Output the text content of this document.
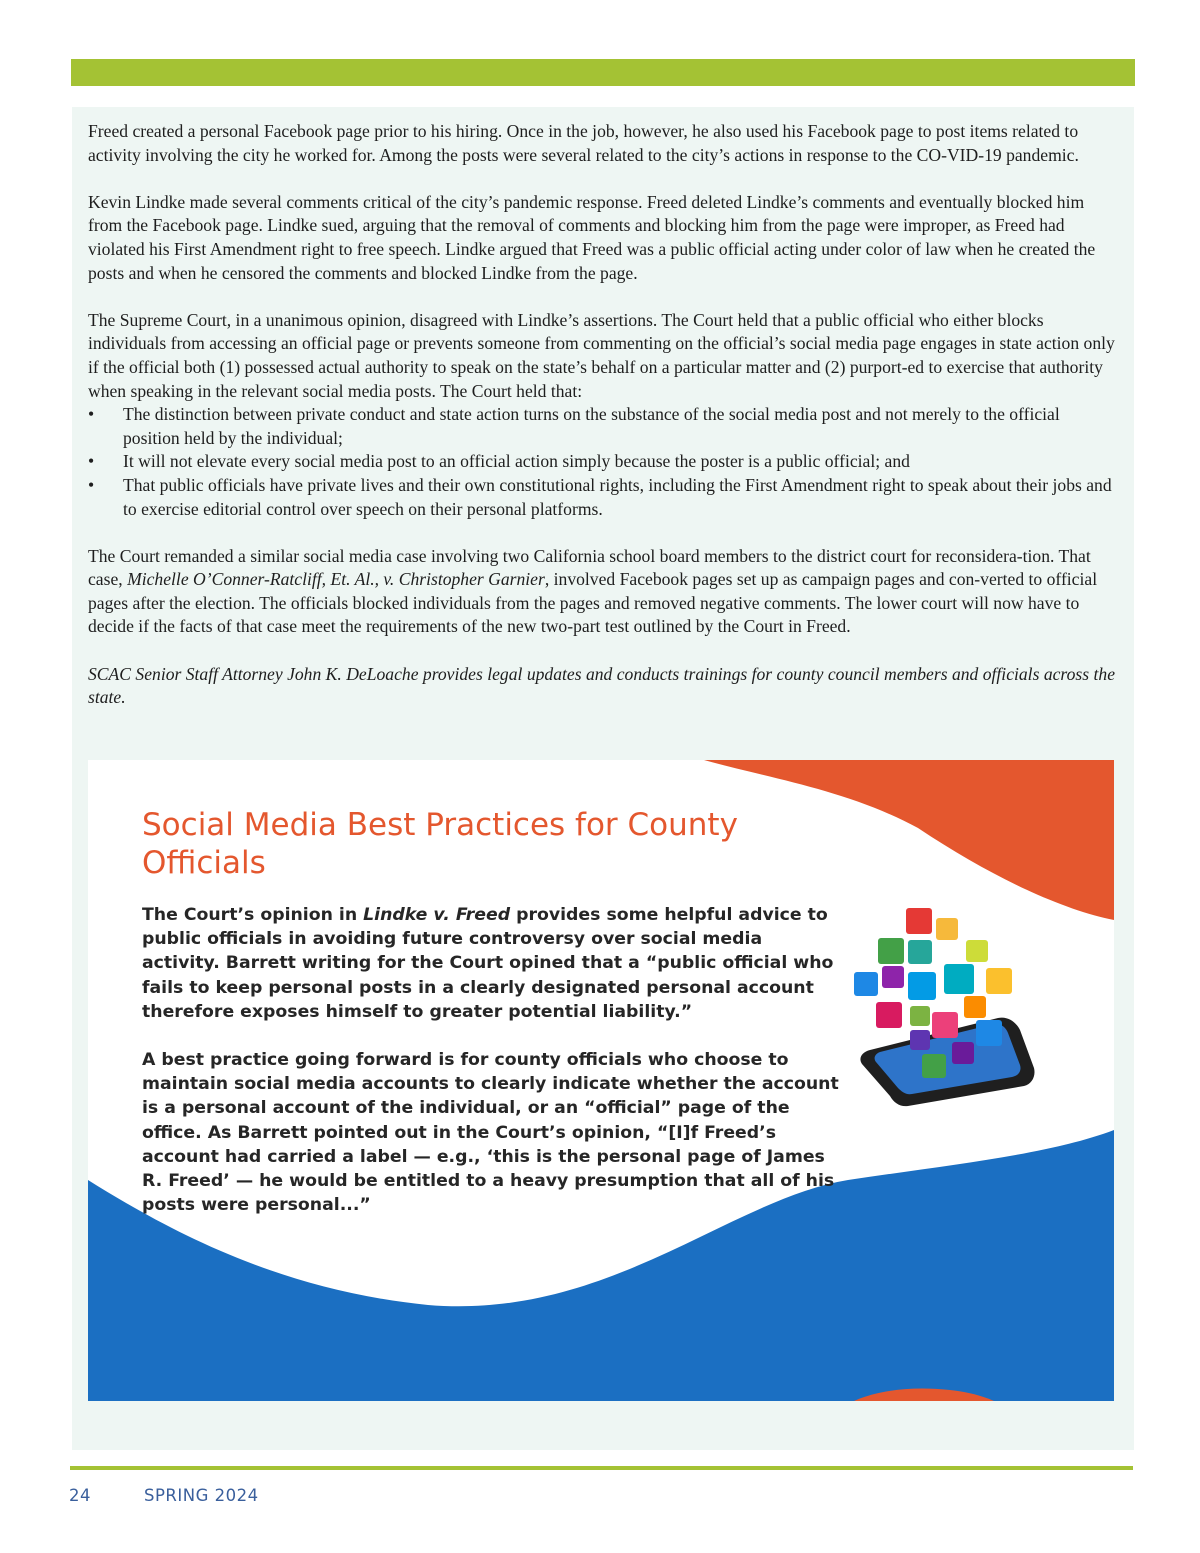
Freed created a personal Facebook page prior to his hiring. Once in the job, however, he also used his Facebook page to post items related to activity involving the city he worked for. Among the posts were several related to the city’s actions in response to the CO-VID-19 pandemic.

Kevin Lindke made several comments critical of the city’s pandemic response. Freed deleted Lindke’s comments and eventually blocked him from the Facebook page. Lindke sued, arguing that the removal of comments and blocking him from the page were improper, as Freed had violated his First Amendment right to free speech. Lindke argued that Freed was a public official acting under color of law when he created the posts and when he censored the comments and blocked Lindke from the page.

The Supreme Court, in a unanimous opinion, disagreed with Lindke’s assertions. The Court held that a public official who either blocks individuals from accessing an official page or prevents someone from commenting on the official’s social media page engages in state action only if the official both (1) possessed actual authority to speak on the state’s behalf on a particular matter and (2) purport-ed to exercise that authority when speaking in the relevant social media posts. The Court held that:

• The distinction between private conduct and state action turns on the substance of the social media post and not merely to the official position held by the individual;
• It will not elevate every social media post to an official action simply because the poster is a public official; and
• That public officials have private lives and their own constitutional rights, including the First Amendment right to speak about their jobs and to exercise editorial control over speech on their personal platforms.

The Court remanded a similar social media case involving two California school board members to the district court for reconsidera-tion. That case, Michelle O’Conner-Ratcliff, Et. Al., v. Christopher Garnier, involved Facebook pages set up as campaign pages and con-verted to official pages after the election. The officials blocked individuals from the pages and removed negative comments. The lower court will now have to decide if the facts of that case meet the requirements of the new two-part test outlined by the Court in Freed.

SCAC Senior Staff Attorney John K. DeLoache provides legal updates and conducts trainings for county council members and officials across the state.

Social Media Best Practices for County Officials

The Court’s opinion in Lindke v. Freed provides some helpful advice to public officials in avoiding future controversy over social media activity. Barrett writing for the Court opined that a “public official who fails to keep personal posts in a clearly designated personal account therefore exposes himself to greater potential liability.”

A best practice going forward is for county officials who choose to maintain social media accounts to clearly indicate whether the account is a personal account of the individual, or an “official” page of the office. As Barrett pointed out in the Court’s opinion, “[I]f Freed’s account had carried a label — e.g., ‘this is the personal page of James R. Freed’ — he would be entitled to a heavy presumption that all of his posts were personal...”

24	SPRING 2024
